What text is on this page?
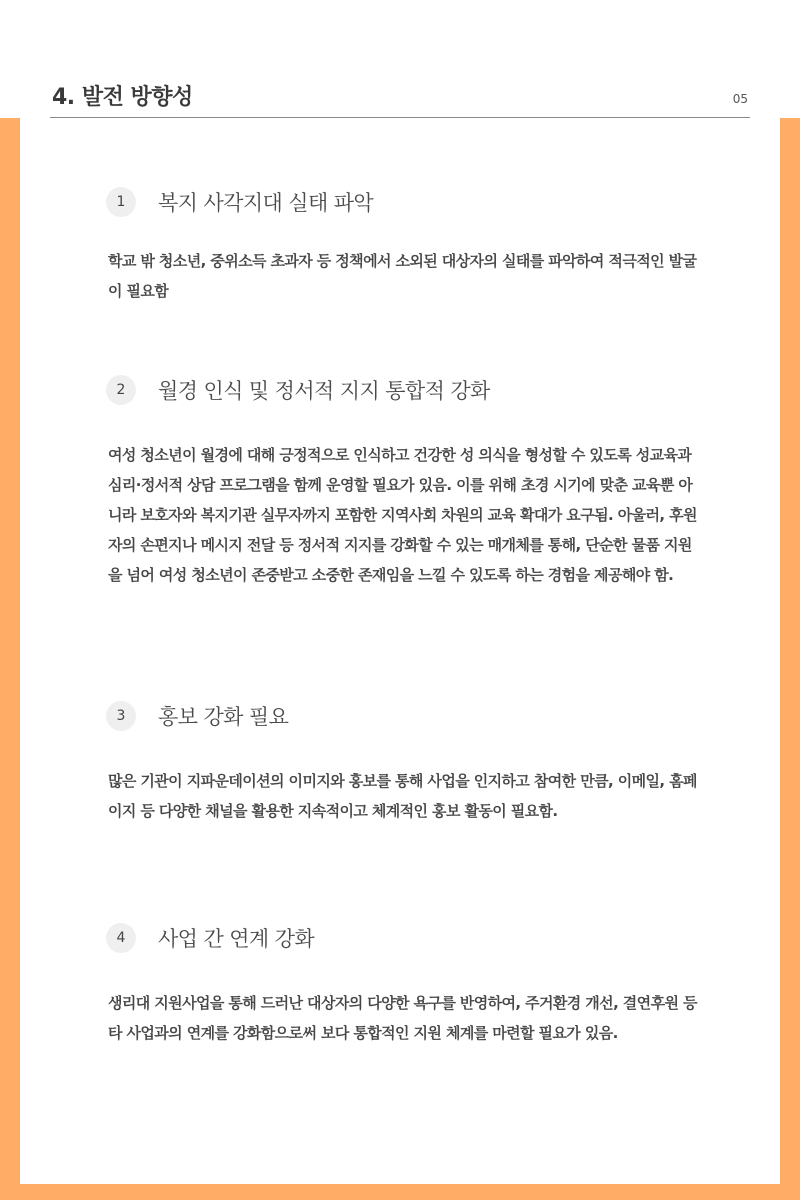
4. 발전 방향성	05
1	복지 사각지대 실태 파악
학교 밖 청소년, 중위소득 초과자 등 정책에서 소외된 대상자의 실태를 파악하여 적극적인 발굴이 필요함
2	월경 인식 및 정서적 지지 통합적 강화
여성 청소년이 월경에 대해 긍정적으로 인식하고 건강한 성 의식을 형성할 수 있도록 성교육과 심리·정서적 상담 프로그램을 함께 운영할 필요가 있음. 이를 위해 초경 시기에 맞춘 교육뿐 아니라 보호자와 복지기관 실무자까지 포함한 지역사회 차원의 교육 확대가 요구됨. 아울러, 후원자의 손편지나 메시지 전달 등 정서적 지지를 강화할 수 있는 매개체를 통해, 단순한 물품 지원을 넘어 여성 청소년이 존중받고 소중한 존재임을 느낄 수 있도록 하는 경험을 제공해야 함.
3	홍보 강화 필요
많은 기관이 지파운데이션의 이미지와 홍보를 통해 사업을 인지하고 참여한 만큼, 이메일, 홈페이지 등 다양한 채널을 활용한 지속적이고 체계적인 홍보 활동이 필요함.
4	사업 간 연계 강화
생리대 지원사업을 통해 드러난 대상자의 다양한 욕구를 반영하여, 주거환경 개선, 결연후원 등 타 사업과의 연계를 강화함으로써 보다 통합적인 지원 체계를 마련할 필요가 있음.
